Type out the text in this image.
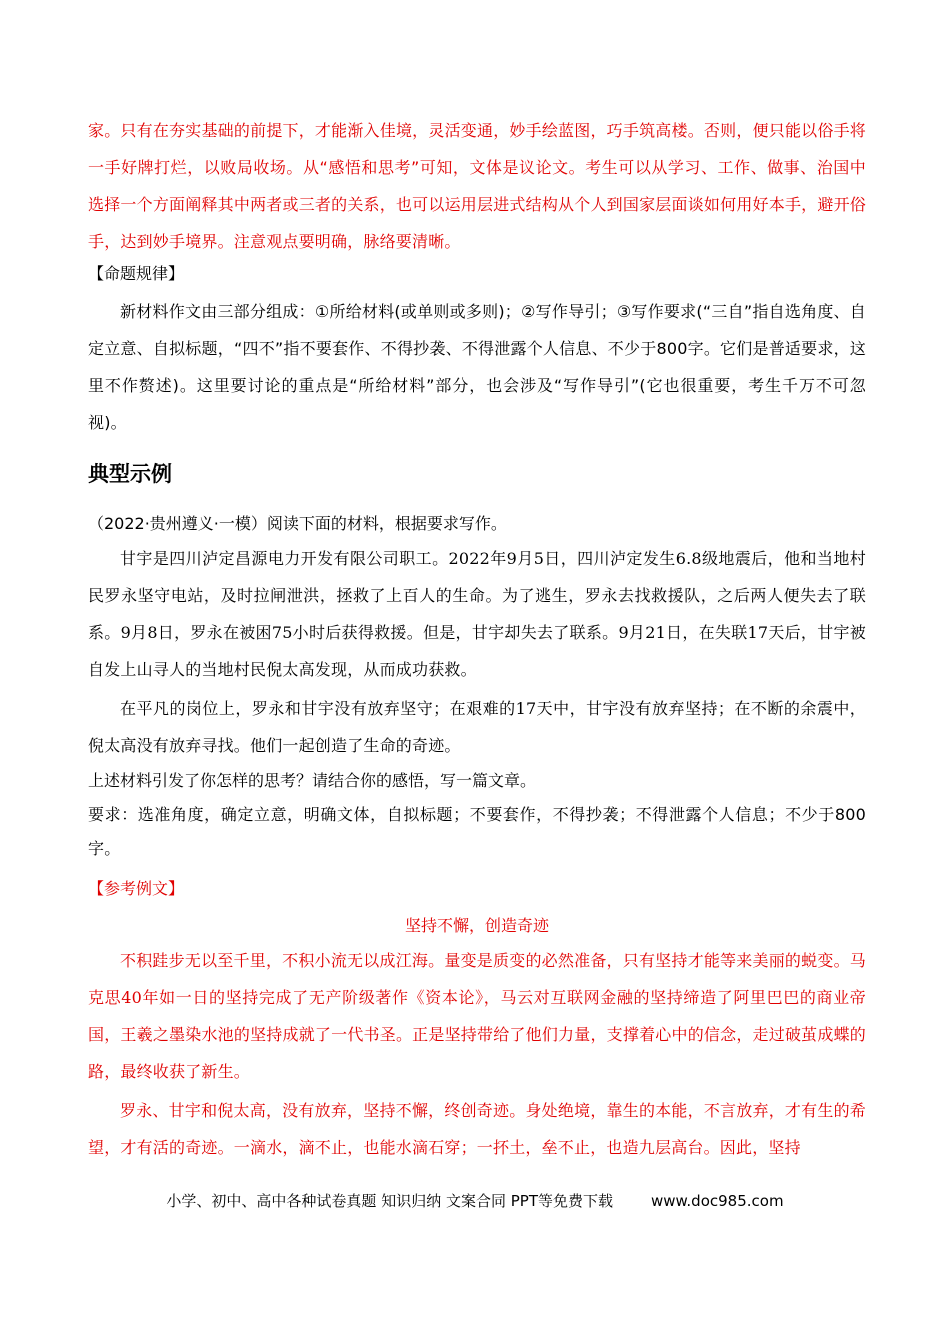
家。只有在夯实基础的前提下，才能渐入佳境，灵活变通，妙手绘蓝图，巧手筑高楼。否则，便只能以俗手将一手好牌打烂，以败局收场。从“感悟和思考”可知，文体是议论文。考生可以从学习、工作、做事、治国中选择一个方面阐释其中两者或三者的关系，也可以运用层进式结构从个人到国家层面谈如何用好本手，避开俗手，达到妙手境界。注意观点要明确，脉络要清晰。
【命题规律】
新材料作文由三部分组成：①所给材料(或单则或多则)；②写作导引；③写作要求(“三自”指自选角度、自定立意、自拟标题，“四不”指不要套作、不得抄袭、不得泄露个人信息、不少于800字。它们是普适要求，这里不作赘述)。这里要讨论的重点是“所给材料”部分，也会涉及“写作导引”(它也很重要，考生千万不可忽视)。
典型示例
（2022·贵州遵义·一模）阅读下面的材料，根据要求写作。
甘宇是四川泸定昌源电力开发有限公司职工。2022年9月5日，四川泸定发生6.8级地震后，他和当地村民罗永坚守电站，及时拉闸泄洪，拯救了上百人的生命。为了逃生，罗永去找救援队，之后两人便失去了联系。9月8日，罗永在被困75小时后获得救援。但是，甘宇却失去了联系。9月21日，在失联17天后，甘宇被自发上山寻人的当地村民倪太高发现，从而成功获救。
在平凡的岗位上，罗永和甘宇没有放弃坚守；在艰难的17天中，甘宇没有放弃坚持；在不断的余震中，倪太高没有放弃寻找。他们一起创造了生命的奇迹。
上述材料引发了你怎样的思考？请结合你的感悟，写一篇文章。
要求：选准角度，确定立意，明确文体，自拟标题；不要套作，不得抄袭；不得泄露个人信息；不少于800字。
【参考例文】
坚持不懈，创造奇迹
不积跬步无以至千里，不积小流无以成江海。量变是质变的必然准备，只有坚持才能等来美丽的蜕变。马克思40年如一日的坚持完成了无产阶级著作《资本论》，马云对互联网金融的坚持缔造了阿里巴巴的商业帝国，王羲之墨染水池的坚持成就了一代书圣。正是坚持带给了他们力量，支撑着心中的信念，走过破茧成蝶的路，最终收获了新生。
罗永、甘宇和倪太高，没有放弃，坚持不懈，终创奇迹。身处绝境，靠生的本能，不言放弃，才有生的希望，才有活的奇迹。一滴水，滴不止，也能水滴石穿；一抔土，垒不止，也造九层高台。因此，坚持
小学、初中、高中各种试卷真题 知识归纳 文案合同 PPT等免费下载	www.doc985.com
